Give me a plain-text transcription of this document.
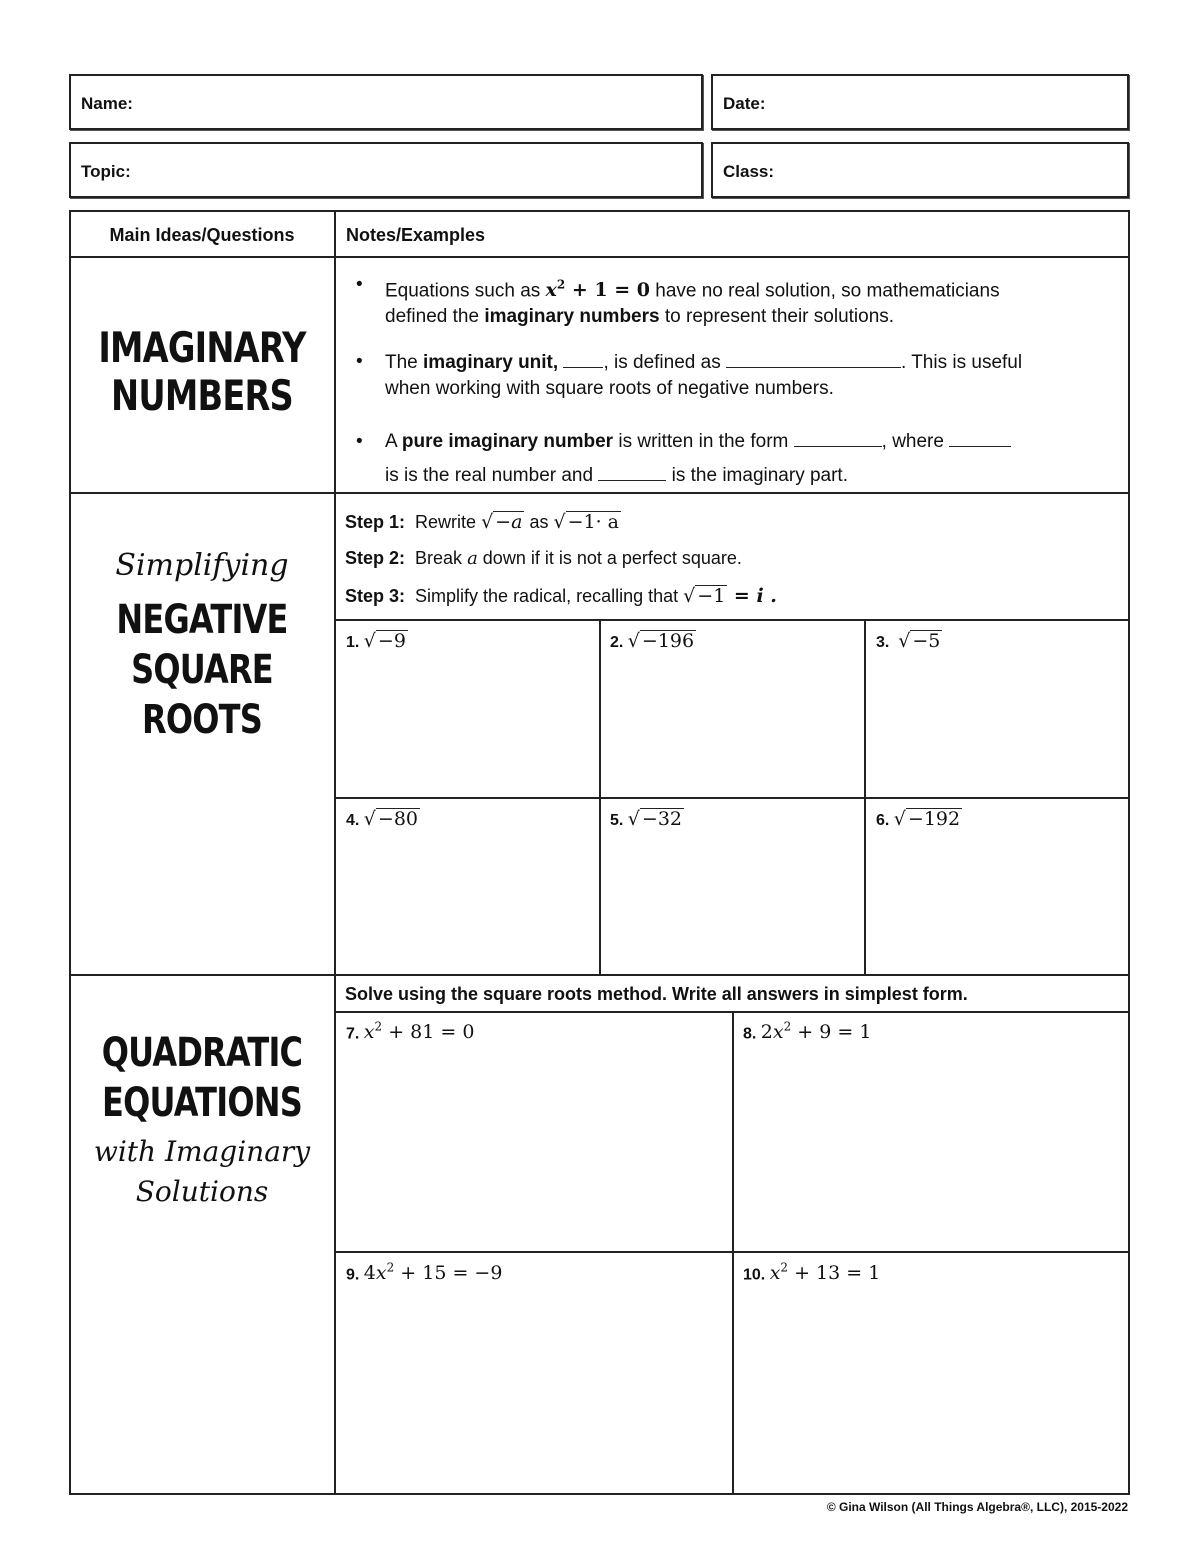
Name:	Date:
Topic:	Class:
Main Ideas/Questions	Notes/Examples
IMAGINARY
NUMBERS
• Equations such as $x^2 + 1 = 0$ have no real solution, so mathematicians
defined the imaginary numbers to represent their solutions.
• The imaginary unit, , is defined as	. This is useful
when working with square roots of negative numbers.
• A pure imaginary number is written in the form	, where
is is the real number and	is the imaginary part.
Simplifying
NEGATIVE
SQUARE ROOTS
Step 1: Rewrite √ −a as √ −1· a
Step 2: Break a down if it is not a perfect square.
Step 3: Simplify the radical, recalling that √ −1 = i .
1. √ −9	2. √ −196	3. √ −5
4. √ −80	5. √ −32	6. √ −192
QUADRATIC
EQUATIONS
with Imaginary
Solutions
Solve using the square roots method. Write all answers in simplest form.
7. $x^2 + 81 = 0$	8. $2x^2 + 9 = 1$
9. $4x^2 + 15 = -9$	10. $x^2 + 13 = 1$
© Gina Wilson (All Things Algebra®, LLC), 2015-2022
